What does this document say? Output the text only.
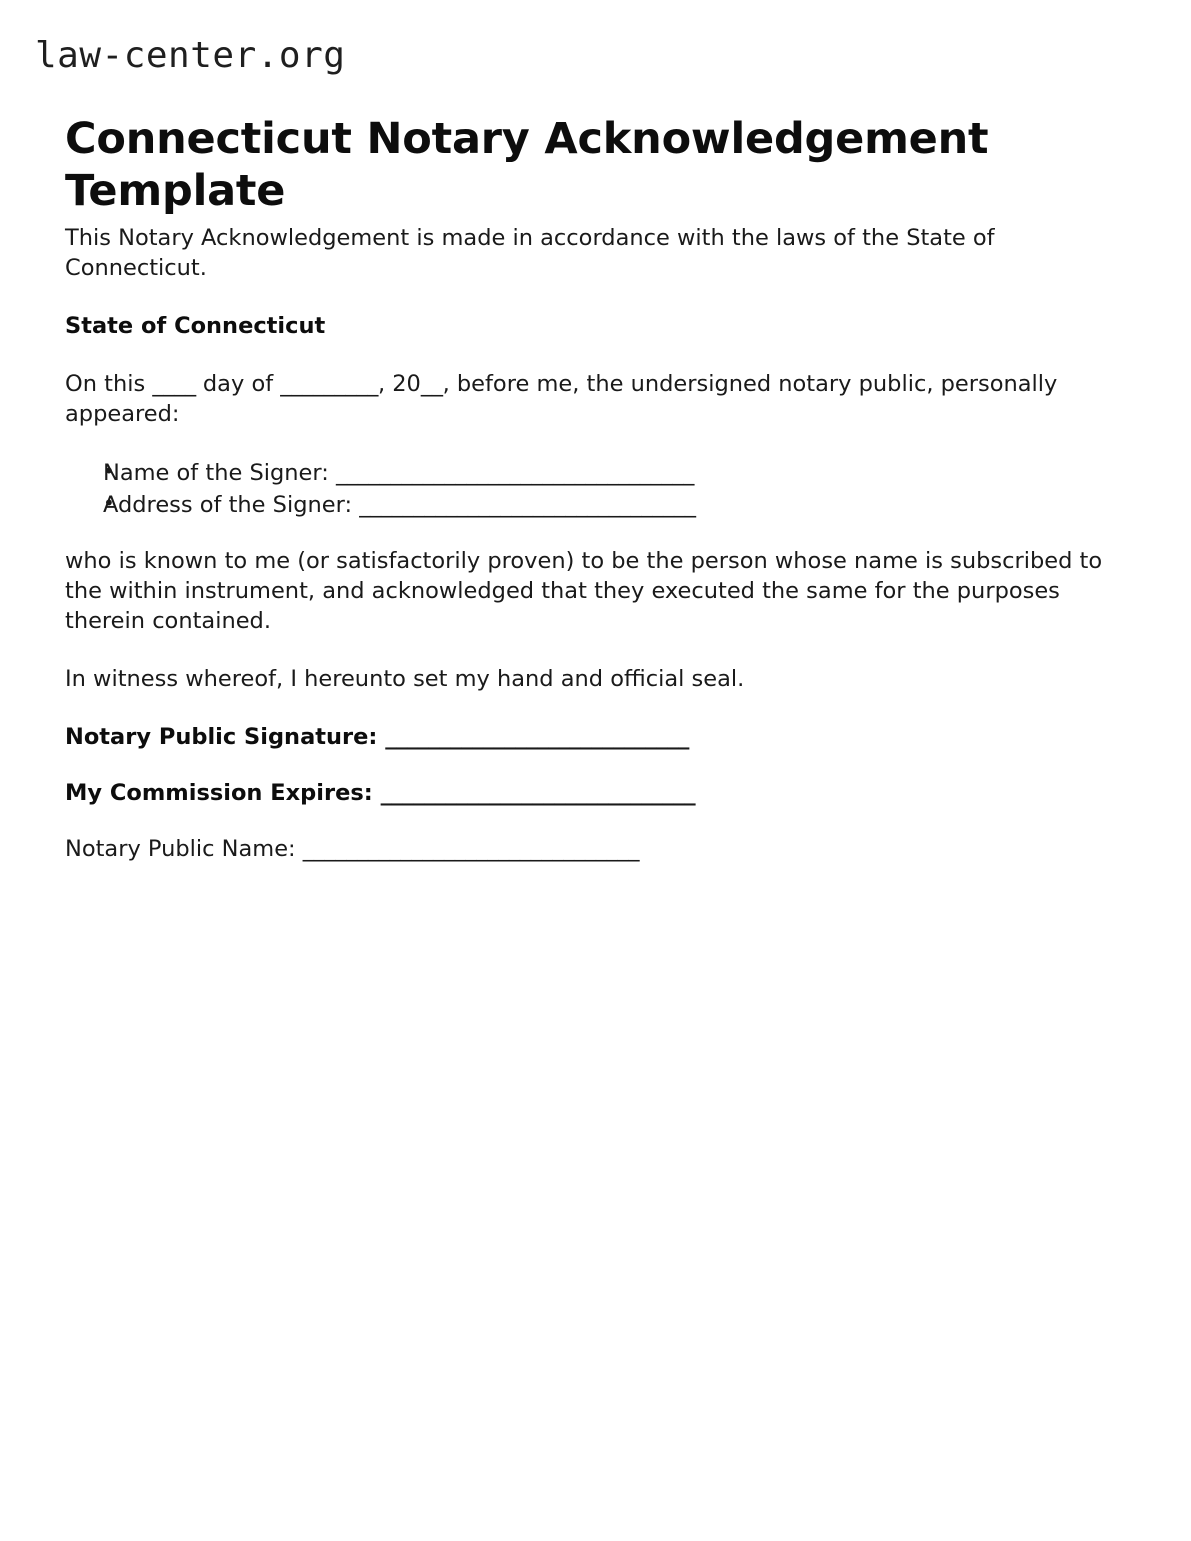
law-center.org
Connecticut Notary Acknowledgement Template

This Notary Acknowledgement is made in accordance with the laws of the State of Connecticut.

State of Connecticut

On this ____ day of _________, 20__, before me, the undersigned notary public, personally appeared:

• Name of the Signer: _________________________________
• Address of the Signer: _______________________________

who is known to me (or satisfactorily proven) to be the person whose name is subscribed to the within instrument, and acknowledged that they executed the same for the purposes therein contained.

In witness whereof, I hereunto set my hand and official seal.

Notary Public Signature: ____________________________

My Commission Expires: _____________________________

Notary Public Name: _______________________________
